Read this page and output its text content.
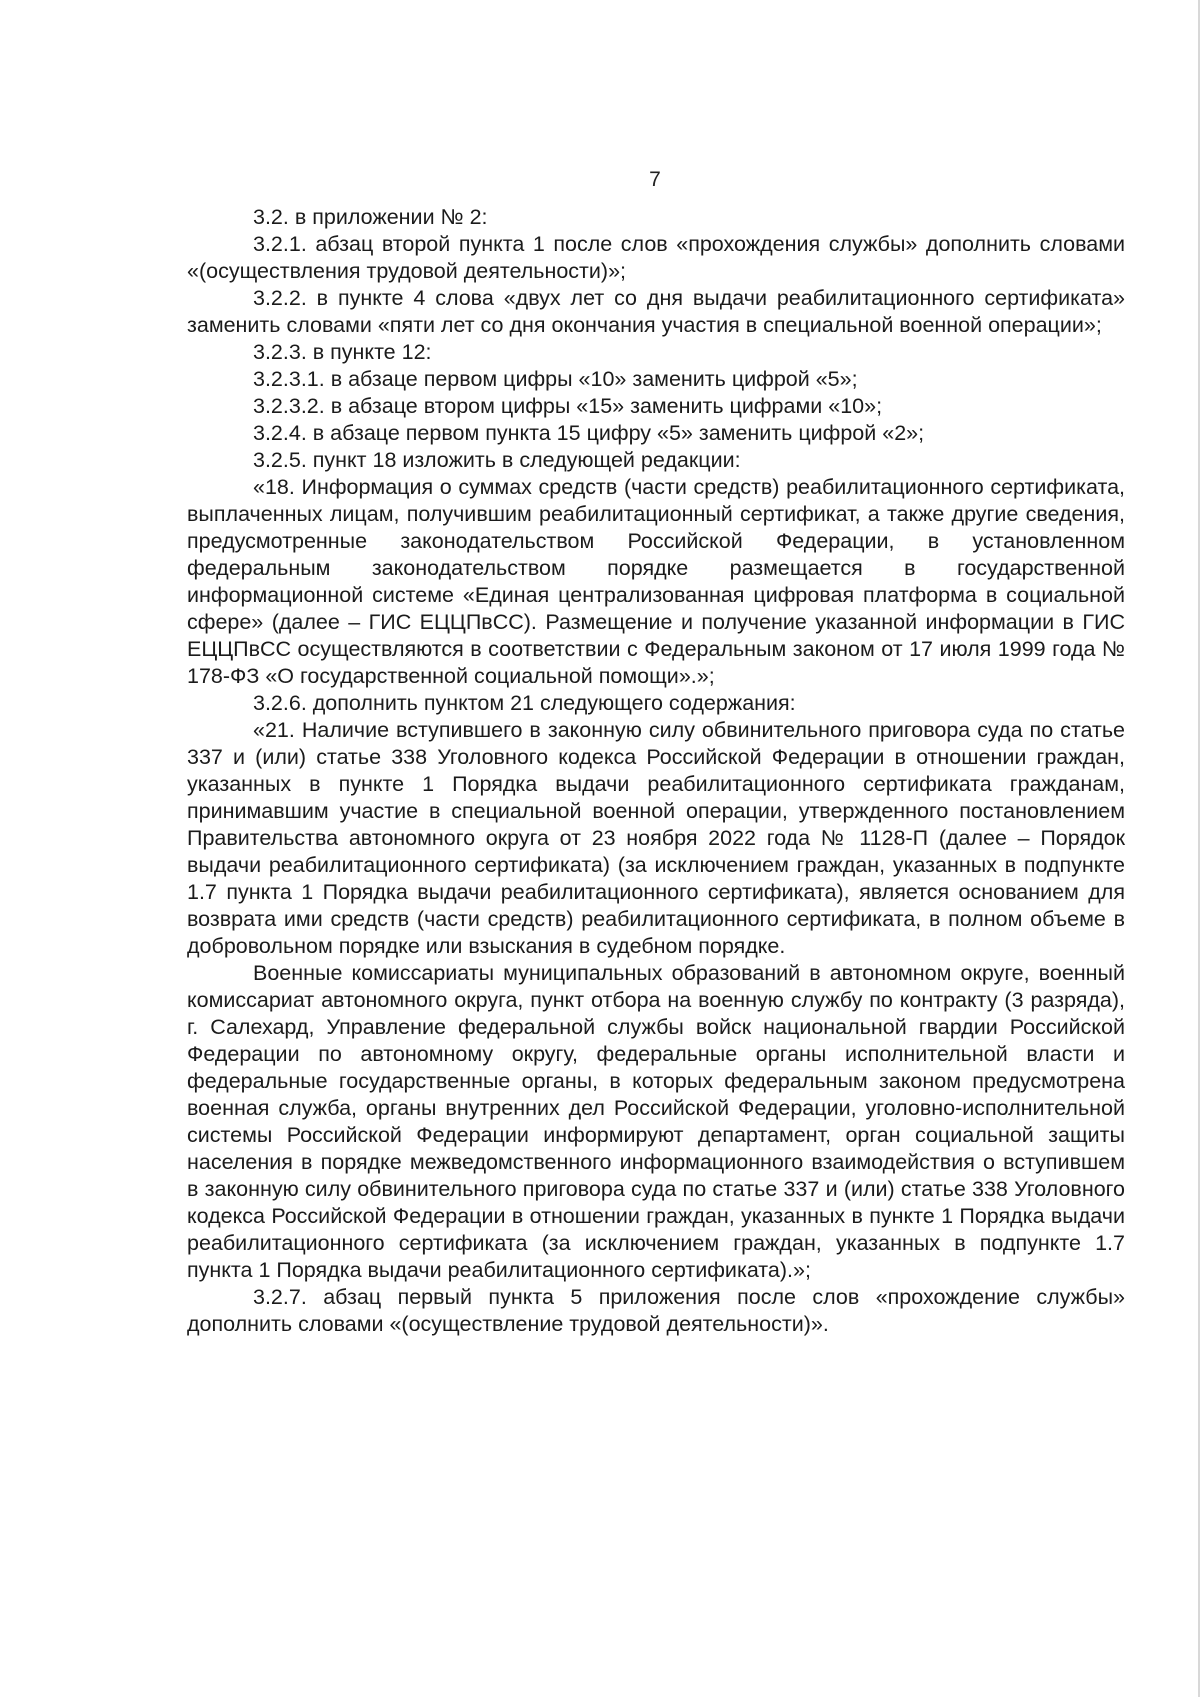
7

3.2. в приложении № 2:

3.2.1. абзац второй пункта 1 после слов «прохождения службы» дополнить словами «(осуществления трудовой деятельности)»;

3.2.2. в пункте 4 слова «двух лет со дня выдачи реабилитационного сертификата» заменить словами «пяти лет со дня окончания участия в специальной военной операции»;

3.2.3. в пункте 12:

3.2.3.1. в абзаце первом цифры «10» заменить цифрой «5»;

3.2.3.2. в абзаце втором цифры «15» заменить цифрами «10»;

3.2.4. в абзаце первом пункта 15 цифру «5» заменить цифрой «2»;

3.2.5. пункт 18 изложить в следующей редакции:

«18. Информация о суммах средств (части средств) реабилитационного сертификата, выплаченных лицам, получившим реабилитационный сертификат, а также другие сведения, предусмотренные законодательством Российской Федерации, в установленном федеральным законодательством порядке размещается в государственной информационной системе «Единая централизованная цифровая платформа в социальной сфере» (далее – ГИС ЕЦЦПвСС). Размещение и получение указанной информации в ГИС ЕЦЦПвСС осуществляются в соответствии с Федеральным законом от 17 июля 1999 года № 178-ФЗ «О государственной социальной помощи».»;

3.2.6. дополнить пунктом 21 следующего содержания:

«21. Наличие вступившего в законную силу обвинительного приговора суда по статье 337 и (или) статье 338 Уголовного кодекса Российской Федерации в отношении граждан, указанных в пункте 1 Порядка выдачи реабилитационного сертификата гражданам, принимавшим участие в специальной военной операции, утвержденного постановлением Правительства автономного округа от 23 ноября 2022 года № 1128-П (далее – Порядок выдачи реабилитационного сертификата) (за исключением граждан, указанных в подпункте 1.7 пункта 1 Порядка выдачи реабилитационного сертификата), является основанием для возврата ими средств (части средств) реабилитационного сертификата, в полном объеме в добровольном порядке или взыскания в судебном порядке.

Военные комиссариаты муниципальных образований в автономном округе, военный комиссариат автономного округа, пункт отбора на военную службу по контракту (3 разряда), г. Салехард, Управление федеральной службы войск национальной гвардии Российской Федерации по автономному округу, федеральные органы исполнительной власти и федеральные государственные органы, в которых федеральным законом предусмотрена военная служба, органы внутренних дел Российской Федерации, уголовно-исполнительной системы Российской Федерации информируют департамент, орган социальной защиты населения в порядке межведомственного информационного взаимодействия о вступившем в законную силу обвинительного приговора суда по статье 337 и (или) статье 338 Уголовного кодекса Российской Федерации в отношении граждан, указанных в пункте 1 Порядка выдачи реабилитационного сертификата (за исключением граждан, указанных в подпункте 1.7 пункта 1 Порядка выдачи реабилитационного сертификата).»;

3.2.7. абзац первый пункта 5 приложения после слов «прохождение службы» дополнить словами «(осуществление трудовой деятельности)».
